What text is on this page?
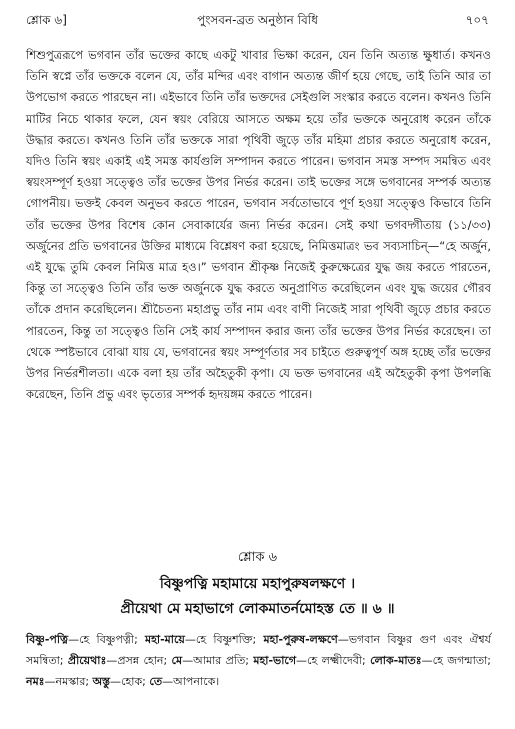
শ্লোক ৬]	পুংসবন-ব্রত অনুষ্ঠান বিধি	৭০৭

শিশুপুত্ররূপে ভগবান তাঁর ভক্তের কাছে একটু খাবার ভিক্ষা করেন, যেন তিনি অত্যন্ত ক্ষুধার্ত। কখনও তিনি স্বপ্নে তাঁর ভক্তকে বলেন যে, তাঁর মন্দির এবং বাগান অত্যন্ত জীর্ণ হয়ে গেছে, তাই তিনি আর তা উপভোগ করতে পারছেন না। এইভাবে তিনি তাঁর ভক্তদের সেইগুলি সংস্কার করতে বলেন। কখনও তিনি মাটির নিচে থাকার ফলে, যেন স্বয়ং বেরিয়ে আসতে অক্ষম হয়ে তাঁর ভক্তকে অনুরোধ করেন তাঁকে উদ্ধার করতে। কখনও তিনি তাঁর ভক্তকে সারা পৃথিবী জুড়ে তাঁর মহিমা প্রচার করতে অনুরোধ করেন, যদিও তিনি স্বয়ং একাই এই সমস্ত কার্যগুলি সম্পাদন করতে পারেন। ভগবান সমস্ত সম্পদ সমন্বিত এবং স্বয়ংসম্পূর্ণ হওয়া সত্ত্বেও তাঁর ভক্তের উপর নির্ভর করেন। তাই ভক্তের সঙ্গে ভগবানের সম্পর্ক অত্যন্ত গোপনীয়। ভক্তই কেবল অনুভব করতে পারেন, ভগবান সর্বতোভাবে পূর্ণ হওয়া সত্ত্বেও কিভাবে তিনি তাঁর ভক্তের উপর বিশেষ কোন সেবাকার্যের জন্য নির্ভর করেন। সেই কথা ভগবদ্গীতায় (১১/৩৩) অর্জুনের প্রতি ভগবানের উক্তির মাধ্যমে বিশ্লেষণ করা হয়েছে, নিমিত্তমাত্রং ভব সব্যসাচিন্‌—“হে অর্জুন, এই যুদ্ধে তুমি কেবল নিমিত্ত মাত্র হও।” ভগবান শ্রীকৃষ্ণ নিজেই কুরুক্ষেত্রের যুদ্ধ জয় করতে পারতেন, কিন্তু তা সত্ত্বেও তিনি তাঁর ভক্ত অর্জুনকে যুদ্ধ করতে অনুপ্রাণিত করেছিলেন এবং যুদ্ধ জয়ের গৌরব তাঁকে প্রদান করেছিলেন। শ্রীচৈতন্য মহাপ্রভু তাঁর নাম এবং বাণী নিজেই সারা পৃথিবী জুড়ে প্রচার করতে পারতেন, কিন্তু তা সত্ত্বেও তিনি সেই কার্য সম্পাদন করার জন্য তাঁর ভক্তের উপর নির্ভর করেছেন। তা থেকে স্পষ্টভাবে বোঝা যায় যে, ভগবানের স্বয়ং সম্পূর্ণতার সব চাইতে গুরুত্বপূর্ণ অঙ্গ হচ্ছে তাঁর ভক্তের উপর নির্ভরশীলতা। একে বলা হয় তাঁর অহৈতুকী কৃপা। যে ভক্ত ভগবানের এই অহৈতুকী কৃপা উপলব্ধি করেছেন, তিনি প্রভু এবং ভৃত্যের সম্পর্ক হৃদয়ঙ্গম করতে পারেন।

শ্লোক ৬
বিষ্ণুপত্নি মহামায়ে মহাপুরুষলক্ষণে ।
প্রীয়েথা মে মহাভাগে লোকমাতর্নমোহস্ত তে ॥ ৬ ॥
বিষ্ণু-পত্নি—হে বিষ্ণুপত্নী; মহা-মায়ে—হে বিষ্ণুশক্তি; মহা-পুরুষ-লক্ষণে—ভগবান বিষ্ণুর গুণ এবং ঐশ্বর্য সমন্বিতা; প্রীয়েথাঃ—প্রসন্ন হোন; মে—আমার প্রতি; মহা-ভাগে—হে লক্ষ্মীদেবী; লোক-মাতঃ—হে জগন্মাতা; নমঃ—নমস্কার; অস্তু—হোক; তে—আপনাকে।
